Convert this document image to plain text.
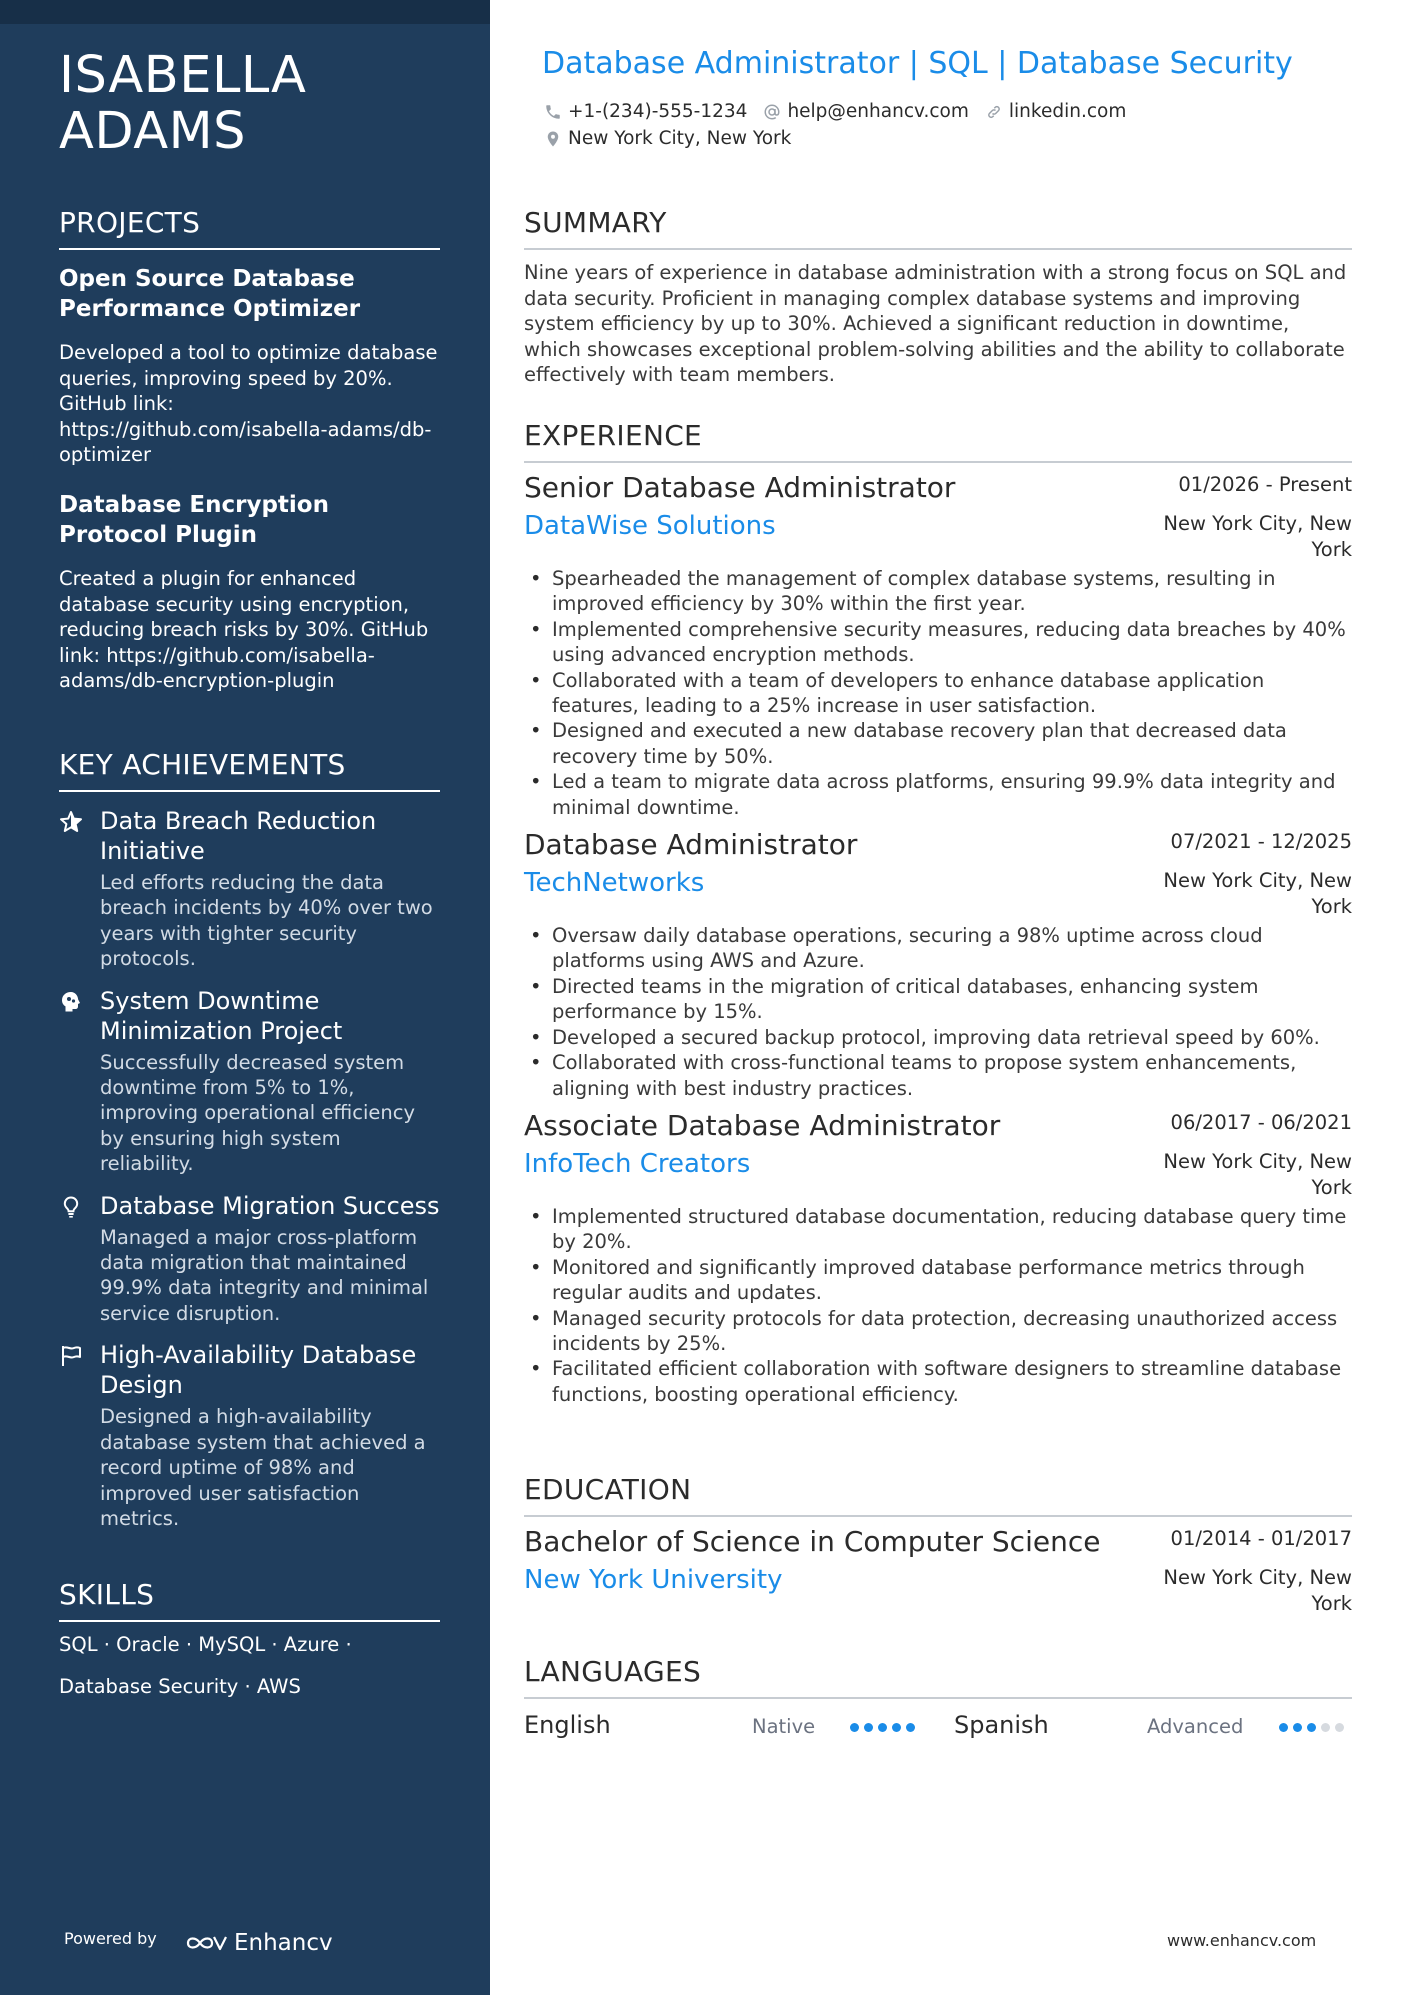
ISABELLA
ADAMS
PROJECTS

Open Source Database Performance Optimizer

Developed a tool to optimize database queries, improving speed by 20%. GitHub link: https://github.com/isabella-adams/db-optimizer

Database Encryption Protocol Plugin

Created a plugin for enhanced database security using encryption, reducing breach risks by 30%. GitHub link: https://github.com/isabella-adams/db-encryption-plugin

KEY ACHIEVEMENTS

Data Breach Reduction Initiative

Led efforts reducing the data breach incidents by 40% over two years with tighter security protocols.

System Downtime Minimization Project

Successfully decreased system downtime from 5% to 1%, improving operational efficiency by ensuring high system reliability.

Database Migration Success

Managed a major cross-platform data migration that maintained 99.9% data integrity and minimal service disruption.

High-Availability Database Design

Designed a high-availability database system that achieved a record uptime of 98% and improved user satisfaction metrics.

SKILLS
SQL · Oracle · MySQL · Azure ·
Database Security · AWS
Powered by	Enhancv
Database Administrator | SQL | Database Security
+1-(234)-555-1234 help@enhancv.com linkedin.com
New York City, New York
SUMMARY

Nine years of experience in database administration with a strong focus on SQL and data security. Proficient in managing complex database systems and improving system efficiency by up to 30%. Achieved a significant reduction in downtime, which showcases exceptional problem-solving abilities and the ability to collaborate effectively with team members.

EXPERIENCE
Senior Database Administrator	01/2026 - Present
DataWise Solutions	New York City, New York
• Spearheaded the management of complex database systems, resulting in improved efficiency by 30% within the first year.
• Implemented comprehensive security measures, reducing data breaches by 40% using advanced encryption methods.
• Collaborated with a team of developers to enhance database application features, leading to a 25% increase in user satisfaction.
• Designed and executed a new database recovery plan that decreased data recovery time by 50%.
• Led a team to migrate data across platforms, ensuring 99.9% data integrity and minimal downtime.
Database Administrator	07/2021 - 12/2025
TechNetworks	New York City, New York
• Oversaw daily database operations, securing a 98% uptime across cloud platforms using AWS and Azure.
• Directed teams in the migration of critical databases, enhancing system performance by 15%.
• Developed a secured backup protocol, improving data retrieval speed by 60%.
• Collaborated with cross-functional teams to propose system enhancements, aligning with best industry practices.
Associate Database Administrator	06/2017 - 06/2021
InfoTech Creators	New York City, New York
• Implemented structured database documentation, reducing database query time by 20%.
• Monitored and significantly improved database performance metrics through regular audits and updates.
• Managed security protocols for data protection, decreasing unauthorized access incidents by 25%.
• Facilitated efficient collaboration with software designers to streamline database functions, boosting operational efficiency.
EDUCATION
Bachelor of Science in Computer Science	01/2014 - 01/2017
New York University	New York City, New York
LANGUAGES
English	Native	Spanish	Advanced
www.enhancv.com
